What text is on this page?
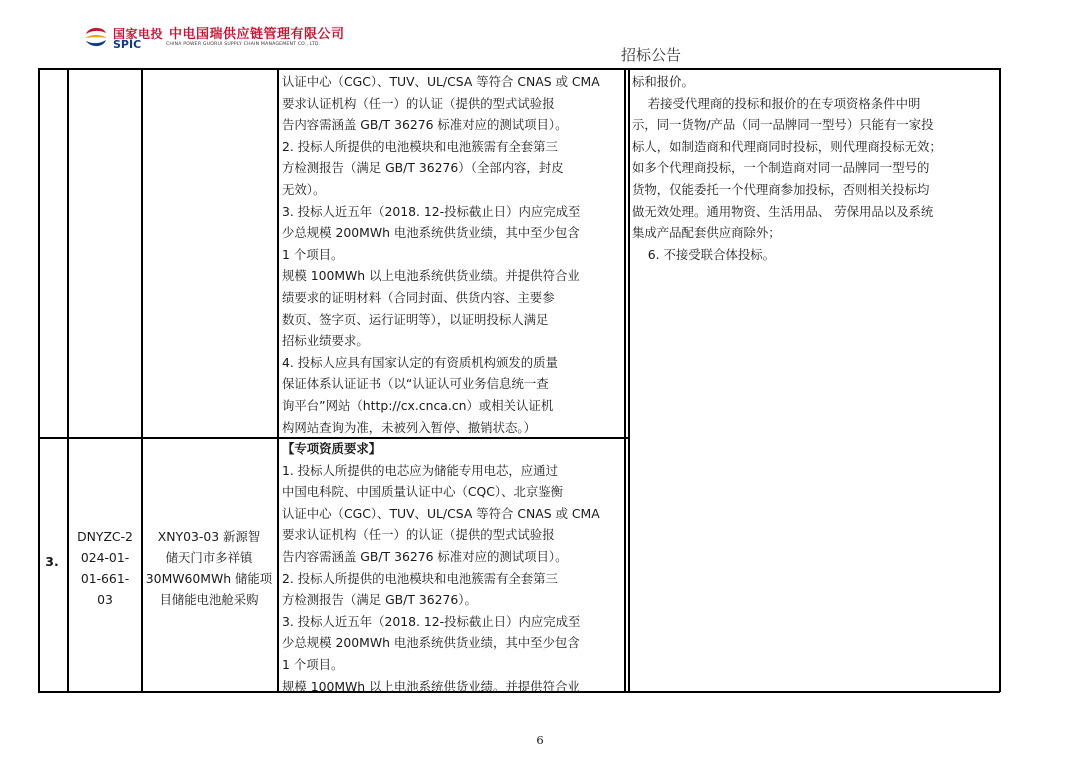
国家电投 中电国瑞供应链管理有限公司
SPIC	CHINA POWER GUORUI SUPPLY CHAIN MANAGEMENT CO., LTD.
招标公告
认证中心（CGC）、TUV、UL/CSA 等符合 CNAS 或 CMA
要求认证机构（任一）的认证（提供的型式试验报
告内容需涵盖 GB/T 36276 标准对应的测试项目）。
2. 投标人所提供的电池模块和电池簇需有全套第三
方检测报告（满足 GB/T 36276）（全部内容，封皮
无效）。
3. 投标人近五年（2018. 12-投标截止日）内应完成至
少总规模 200MWh 电池系统供货业绩，其中至少包含
1 个项目。
规模 100MWh 以上电池系统供货业绩。并提供符合业
绩要求的证明材料（合同封面、供货内容、主要参
数页、签字页、运行证明等），以证明投标人满足
招标业绩要求。
4. 投标人应具有国家认定的有资质机构颁发的质量
保证体系认证证书（以“认证认可业务信息统一查
询平台”网站（http://cx.cnca.cn）或相关认证机
构网站查询为准，未被列入暂停、撤销状态。）
标和报价。
若接受代理商的投标和报价的在专项资格条件中明
示，同一货物/产品（同一品牌同一型号）只能有一家投
标人，如制造商和代理商同时投标，则代理商投标无效；
如多个代理商投标，一个制造商对同一品牌同一型号的
货物，仅能委托一个代理商参加投标，否则相关投标均
做无效处理。通用物资、生活用品、 劳保用品以及系统
集成产品配套供应商除外；
6. 不接受联合体投标。
3.
DNYZC-2
024-01-
01-661-
03
XNY03-03 新源智
储天门市多祥镇
30MW60MWh 储能项
目储能电池舱采购
【专项资质要求】
1. 投标人所提供的电芯应为储能专用电芯，应通过
中国电科院、中国质量认证中心（CQC）、北京鉴衡
认证中心（CGC）、TUV、UL/CSA 等符合 CNAS 或 CMA
要求认证机构（任一）的认证（提供的型式试验报
告内容需涵盖 GB/T 36276 标准对应的测试项目）。
2. 投标人所提供的电池模块和电池簇需有全套第三
方检测报告（满足 GB/T 36276）。
3. 投标人近五年（2018. 12-投标截止日）内应完成至
少总规模 200MWh 电池系统供货业绩，其中至少包含
1 个项目。
规模 100MWh 以上电池系统供货业绩。并提供符合业
6
